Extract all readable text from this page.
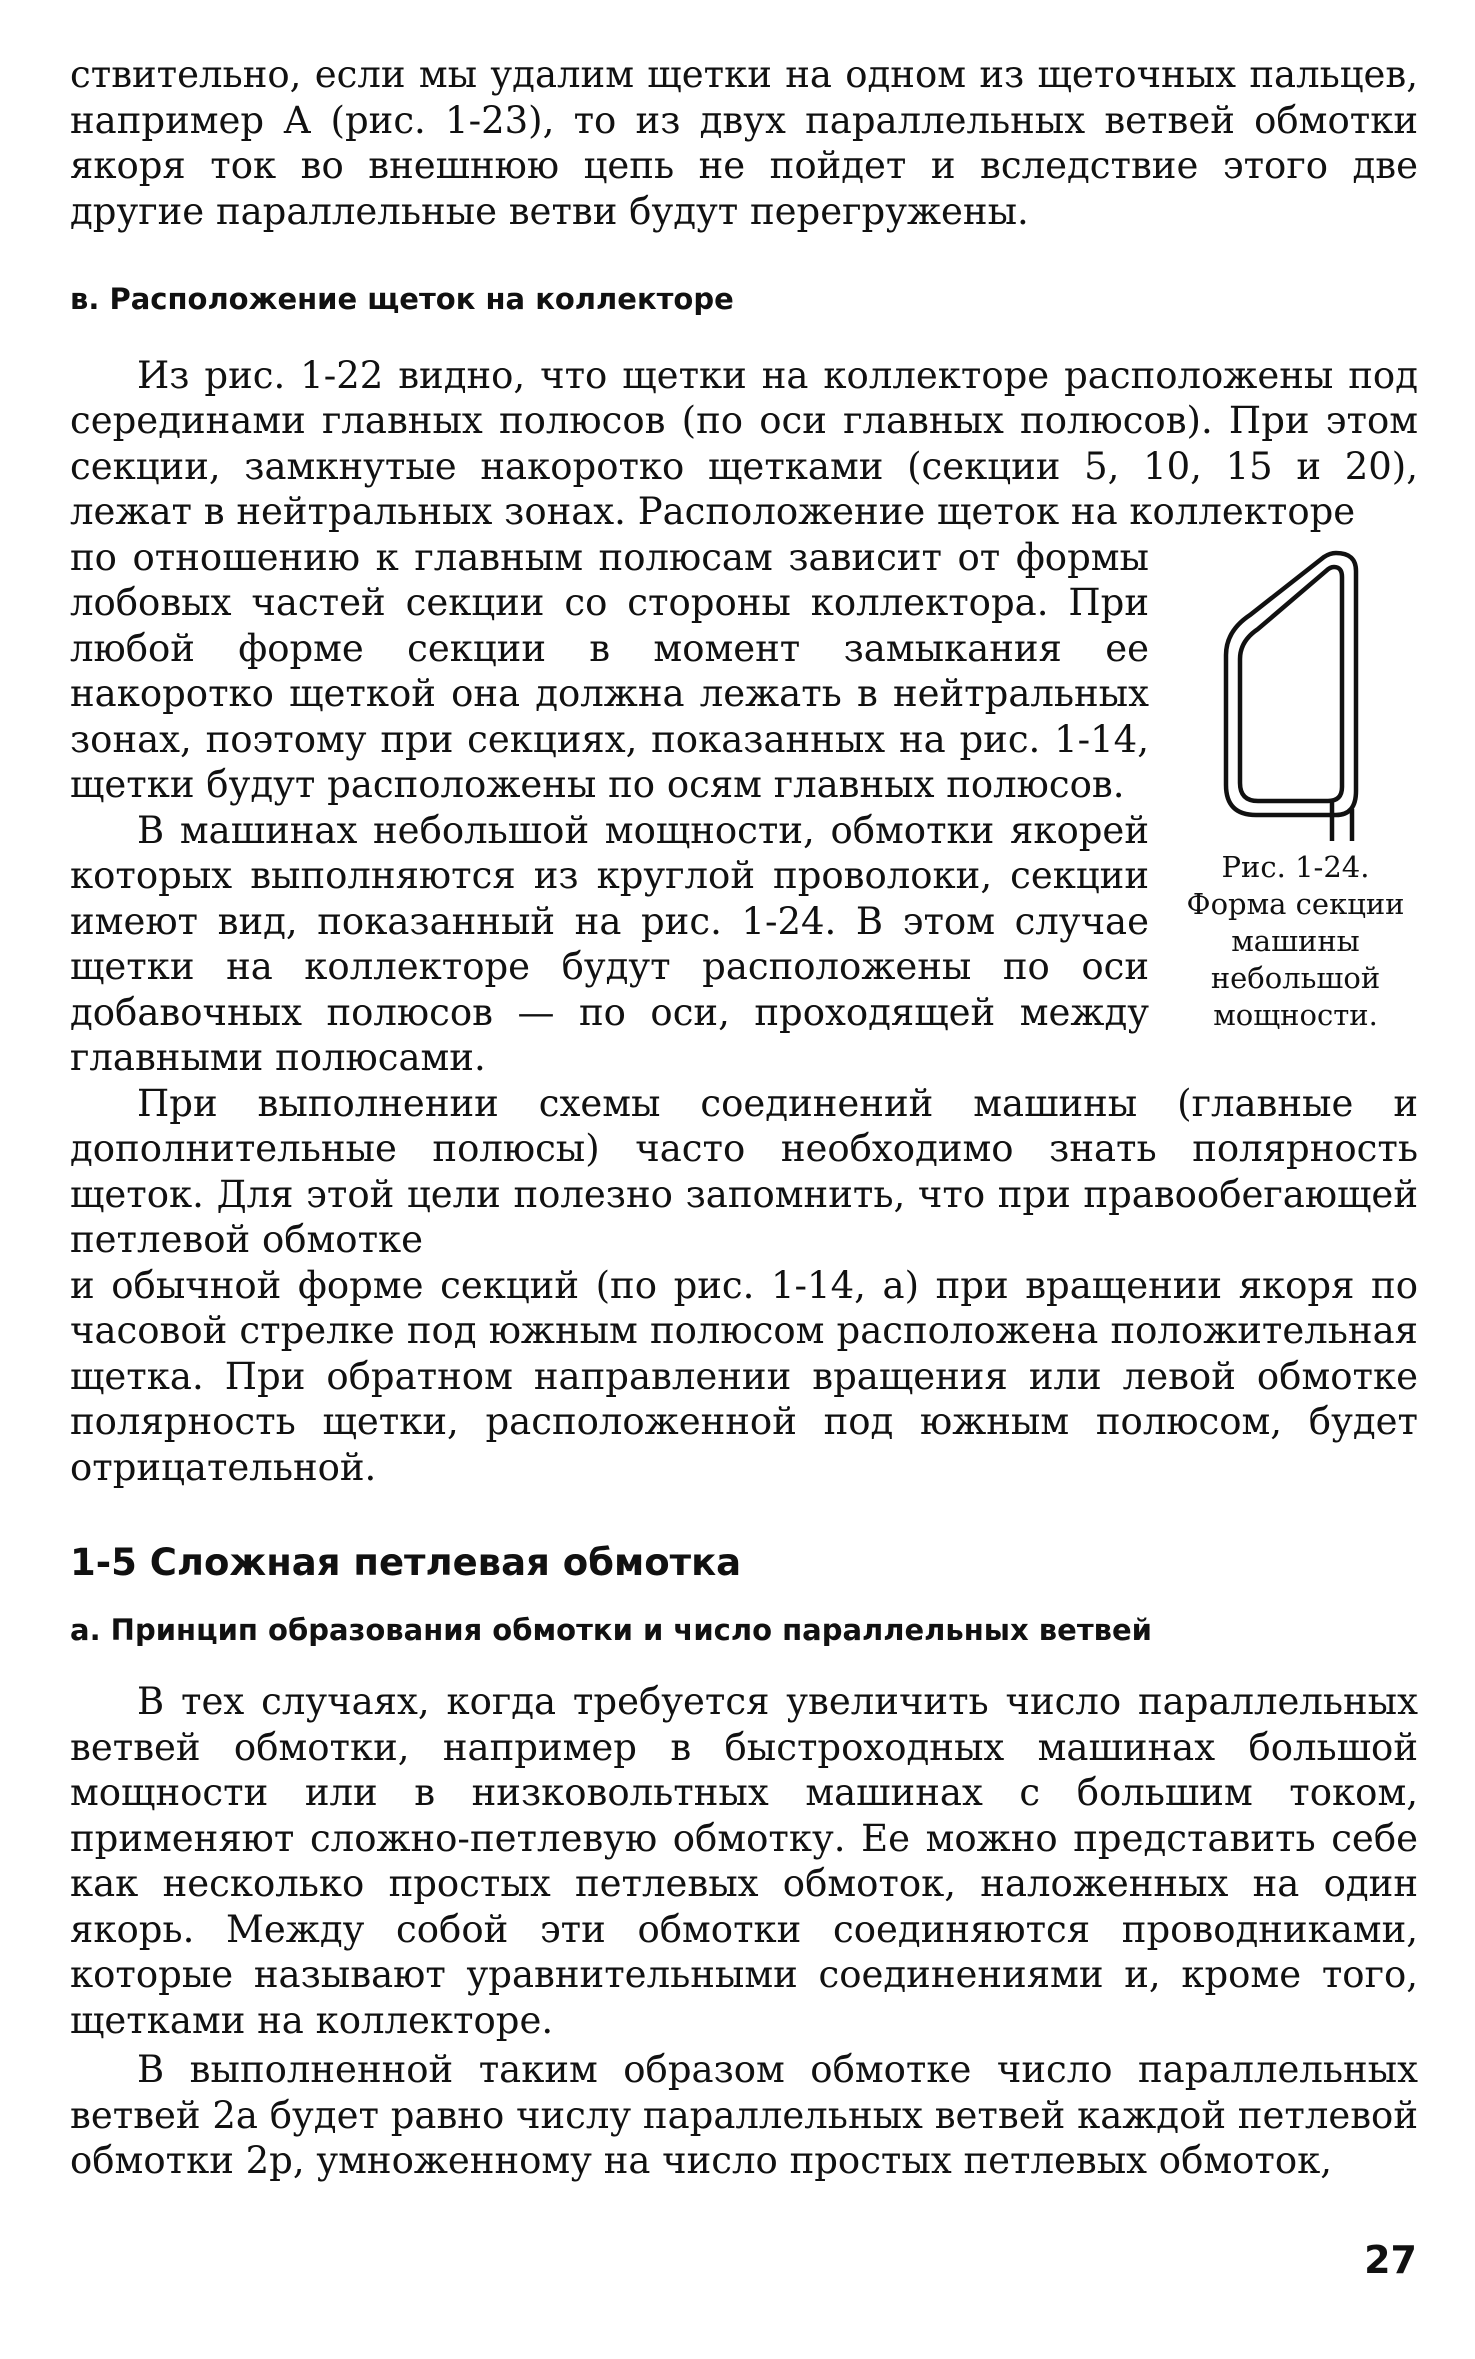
ствительно, если мы удалим щетки на одном из щеточных пальцев, например А (рис. 1-23), то из двух параллельных ветвей обмотки якоря ток во внешнюю цепь не пойдет и вследствие этого две другие параллельные ветви будут перегружены.

в. Расположение щеток на коллекторе

Из рис. 1-22 видно, что щетки на коллекторе расположены под серединами главных полюсов (по оси главных полюсов). При этом секции, замкнутые накоротко щетками (секции 5, 10, 15 и 20), лежат в нейтральных зонах. Расположение щеток на коллекторе

Рис. 1-24. Форма секции машины небольшой мощности.

по отношению к главным полюсам зависит от формы лобовых частей секции со стороны коллектора. При любой форме секции в момент замыкания ее накоротко щеткой она должна лежать в нейтральных зонах, поэтому при секциях, показанных на рис. 1-14, щетки будут расположены по осям главных полюсов.

В машинах небольшой мощности, обмотки якорей которых выполняются из круглой проволоки, секции имеют вид, показанный на рис. 1-24. В этом случае щетки на коллекторе будут расположены по оси добавочных полюсов — по оси, проходящей между главными полюсами.

При выполнении схемы соединений машины (главные и дополнительные полюсы) часто необходимо знать полярность щеток. Для этой цели полезно запомнить, что при правообегающей петлевой обмотке

и обычной форме секций (по рис. 1-14, а) при вращении якоря по часовой стрелке под южным полюсом расположена положительная щетка. При обратном направлении вращения или левой обмотке полярность щетки, расположенной под южным полюсом, будет отрицательной.

1-5 Сложная петлевая обмотка

а. Принцип образования обмотки и число параллельных ветвей

В тех случаях, когда требуется увеличить число параллельных ветвей обмотки, например в быстроходных машинах большой мощности или в низковольтных машинах с большим током, применяют сложно-петлевую обмотку. Ее можно представить себе как несколько простых петлевых обмоток, наложенных на один якорь. Между собой эти обмотки соединяются проводниками, которые называют уравнительными соединениями и, кроме того, щетками на коллекторе.

В выполненной таким образом обмотке число параллельных ветвей 2а будет равно числу параллельных ветвей каждой петлевой обмотки 2р, умноженному на число простых петлевых обмоток,

27
